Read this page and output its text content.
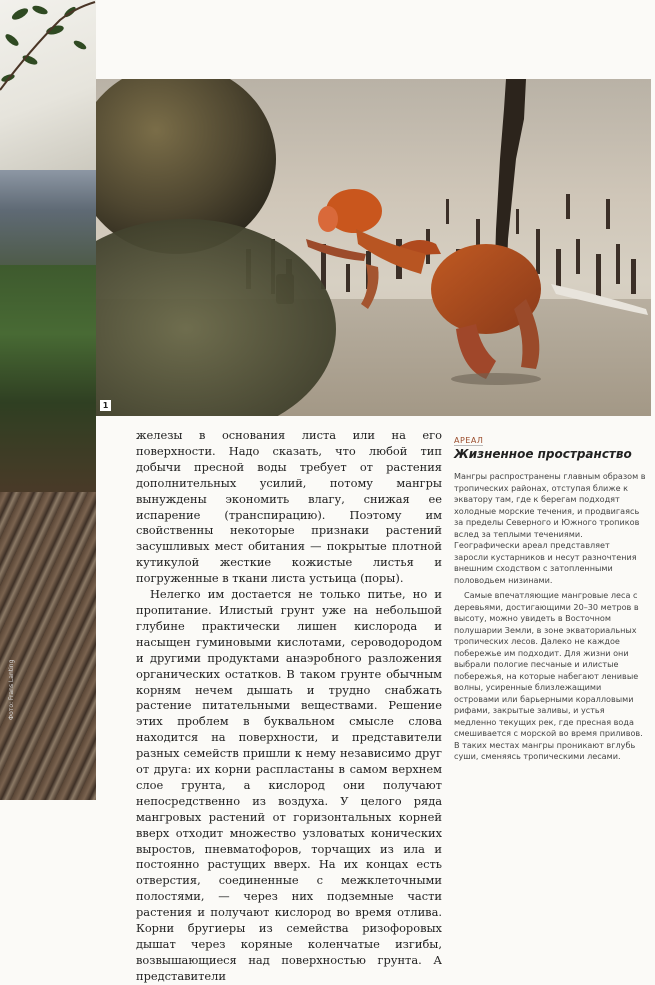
Фото: Frans Lanting
1

железы в основания листа или на его поверхности. Надо сказать, что любой тип добычи пресной воды требует от растения дополнительных усилий, потому мангры вынуждены экономить влагу, снижая ее испарение (транспирацию). Поэтому им свойственны некоторые признаки растений засушливых мест обитания — покрытые плотной кутикулой жесткие кожистые листья и погруженные в ткани листа устьица (поры).

Нелегко им достается не только питье, но и пропитание. Илистый грунт уже на небольшой глубине практически лишен кислорода и насыщен гуминовыми кислотами, сероводородом и другими продуктами анаэробного разложения органических остатков. В таком грунте обычным корням нечем дышать и трудно снабжать растение питательными веществами. Решение этих проблем в буквальном смысле слова находится на поверхности, и представители разных семейств пришли к нему независимо друг от друга: их корни распластаны в самом верхнем слое грунта, а кислород они получают непосредственно из воздуха. У целого ряда мангровых растений от горизонтальных корней вверх отходит множество узловатых конических выростов, пневматофоров, торчащих из ила и постоянно растущих вверх. На их концах есть отверстия, соединенные с межклеточными полостями, — через них подземные части растения и получают кислород во время отлива. Корни бругиеры из семейства ризофоровых дышат через коряные коленчатые изгибы, возвышающиеся над поверхностью грунта. А представители

АРЕАЛ
Жизненное пространство

Мангры распространены главным образом в тропических районах, отступая ближе к экватору там, где к берегам подходят холодные морские течения, и продвигаясь за пределы Северного и Южного тропиков вслед за теплыми течениями. Географически ареал представляет заросли кустарников и несут разночтения внешним сходством с затопленными половодьем низинами.

Самые впечатляющие мангровые леса с деревьями, достигающими 20–30 метров в высоту, можно увидеть в Восточном полушарии Земли, в зоне экваториальных тропических лесов. Далеко не каждое побережье им подходит. Для жизни они выбрали пологие песчаные и илистые побережья, на которые набегают ленивые волны, усиренные близлежащими островами или барьерными коралловыми рифами, закрытые заливы, и устья медленно текущих рек, где пресная вода смешивается с морской во время приливов. В таких местах мангры проникают вглубь суши, сменяясь тропическими лесами.
